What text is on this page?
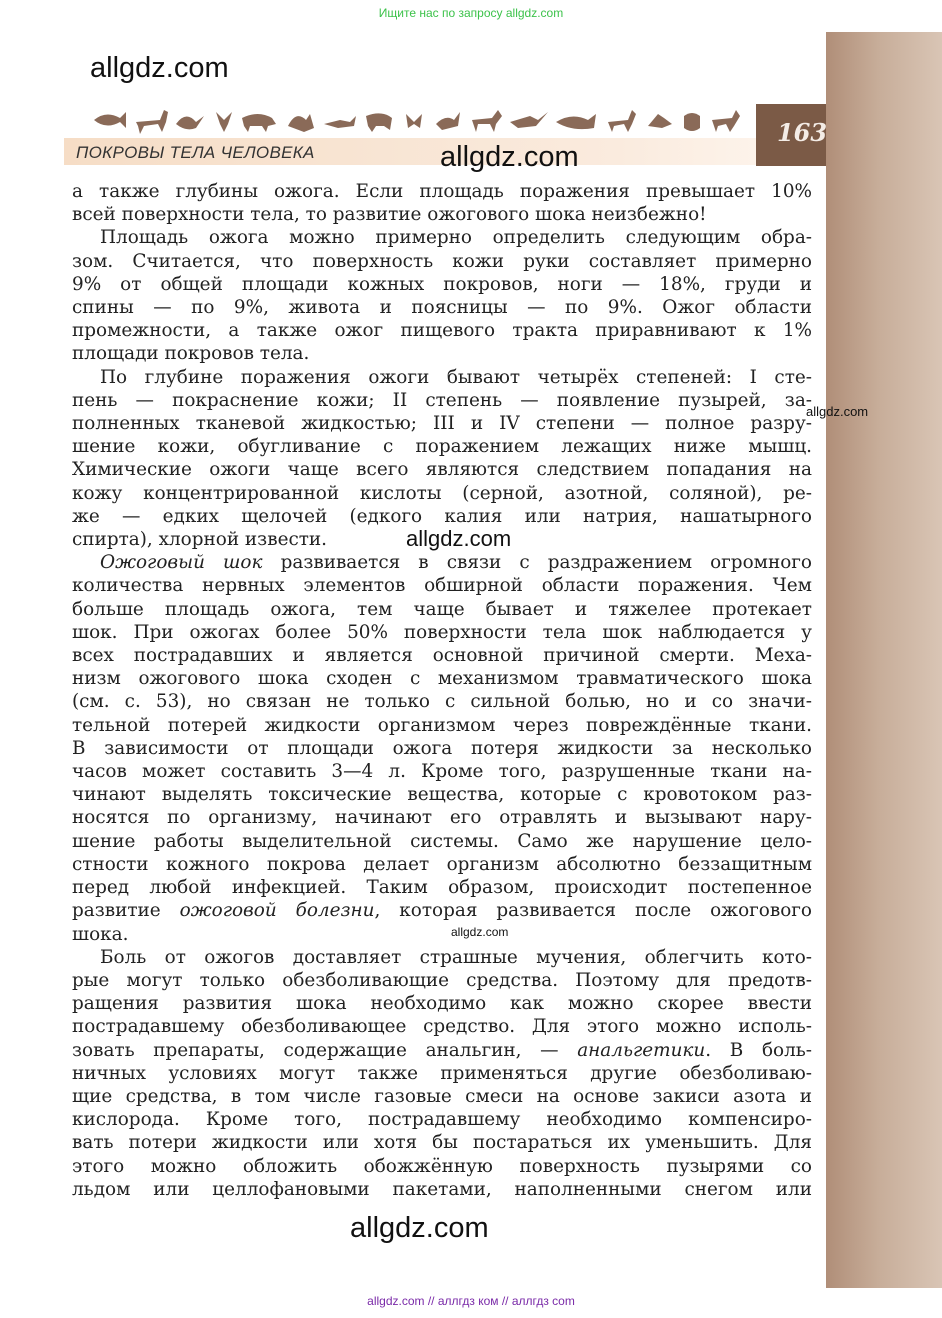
Ищите нас по запросу allgdz.com
allgdz.com
163
ПОКРОВЫ ТЕЛА ЧЕЛОВЕКА	allgdz.com
а также глубины ожога. Если площадь поражения превышает 10%
всей поверхности тела, то развитие ожогового шока неизбежно!
Площадь ожога можно примерно определить следующим обра-
зом. Считается, что поверхность кожи руки составляет примерно
9% от общей площади кожных покровов, ноги — 18%, груди и
спины — по 9%, живота и поясницы — по 9%. Ожог области
промежности, а также ожог пищевого тракта приравнивают к 1%
площади покровов тела.
По глубине поражения ожоги бывают четырёх степеней: I сте-
пень — покраснение кожи; II степень — появление пузырей, за-
полненных тканевой жидкостью; III и IV степени — полное разру-
шение кожи, обугливание с поражением лежащих ниже мышц.
Химические ожоги чаще всего являются следствием попадания на
кожу концентрированной кислоты (серной, азотной, соляной), ре-
же — едких щелочей (едкого калия или натрия, нашатырного
спирта), хлорной извести.
Ожоговый шок развивается в связи с раздражением огромного
количества нервных элементов обширной области поражения. Чем
больше площадь ожога, тем чаще бывает и тяжелее протекает
шок. При ожогах более 50% поверхности тела шок наблюдается у
всех пострадавших и является основной причиной смерти. Меха-
низм ожогового шока сходен с механизмом травматического шока
(см. с. 53), но связан не только с сильной болью, но и со значи-
тельной потерей жидкости организмом через повреждённые ткани.
В зависимости от площади ожога потеря жидкости за несколько
часов может составить 3—4 л. Кроме того, разрушенные ткани на-
чинают выделять токсические вещества, которые с кровотоком раз-
носятся по организму, начинают его отравлять и вызывают нару-
шение работы выделительной системы. Само же нарушение цело-
стности кожного покрова делает организм абсолютно беззащитным
перед любой инфекцией. Таким образом, происходит постепенное
развитие ожоговой болезни, которая развивается после ожогового
шока.
Боль от ожогов доставляет страшные мучения, облегчить кото-
рые могут только обезболивающие средства. Поэтому для предотв-
ращения развития шока необходимо как можно скорее ввести
пострадавшему обезболивающее средство. Для этого можно исполь-
зовать препараты, содержащие анальгин, — анальгетики. В боль-
ничных условиях могут также применяться другие обезболиваю-
щие средства, в том числе газовые смеси на основе закиси азота и
кислорода. Кроме того, пострадавшему необходимо компенсиро-
вать потери жидкости или хотя бы постараться их уменьшить. Для
этого можно обложить обожжённую поверхность пузырями со
льдом или целлофановыми пакетами, наполненными снегом или
allgdz.com
allgdz.com
allgdz.com
allgdz.com
allgdz.com // аллгдз ком // аллгдз com
